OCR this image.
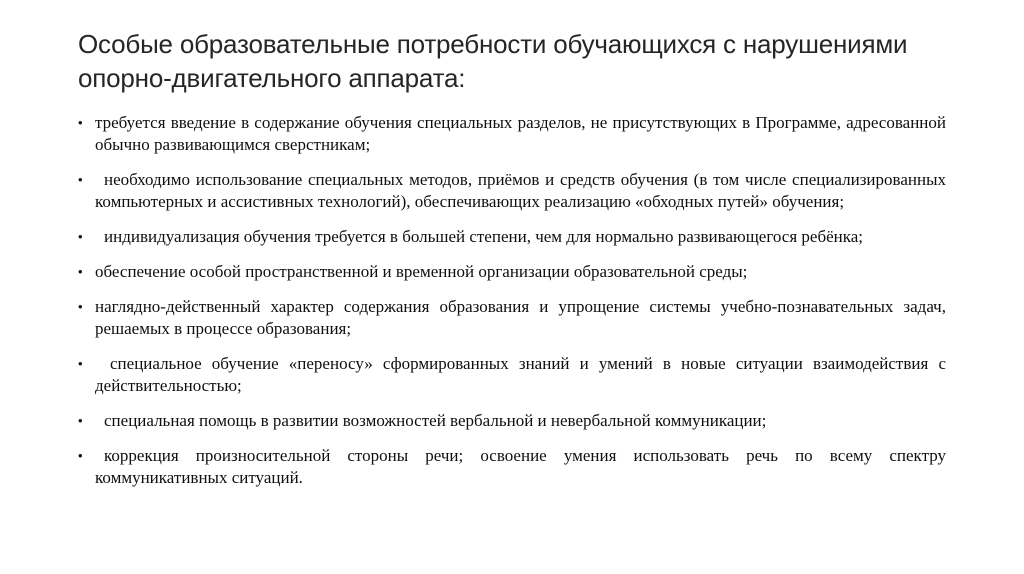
Особые образовательные потребности обучающихся с нарушениями опорно-двигательного аппарата:
• требуется введение в содержание обучения специальных разделов, не присутствующих в Программе, адресованной обычно развивающимся сверстникам;
•	необходимо использование специальных методов, приёмов и средств обучения (в том числе специализированных компьютерных и ассистивных технологий), обеспечивающих реализацию «обходных путей» обучения;
•	индивидуализация обучения требуется в большей степени, чем для нормально развивающегося ребёнка;
• обеспечение особой пространственной и временной организации образовательной среды;
• наглядно-действенный характер содержания образования и упрощение системы учебно-познавательных задач, решаемых в процессе образования;
•	специальное обучение «переносу» сформированных знаний и умений в новые ситуации взаимодействия с действительностью;
•	специальная помощь в развитии возможностей вербальной и невербальной коммуникации;
•	коррекция произносительной стороны речи; освоение умения использовать речь по всему спектру коммуникативных ситуаций.
